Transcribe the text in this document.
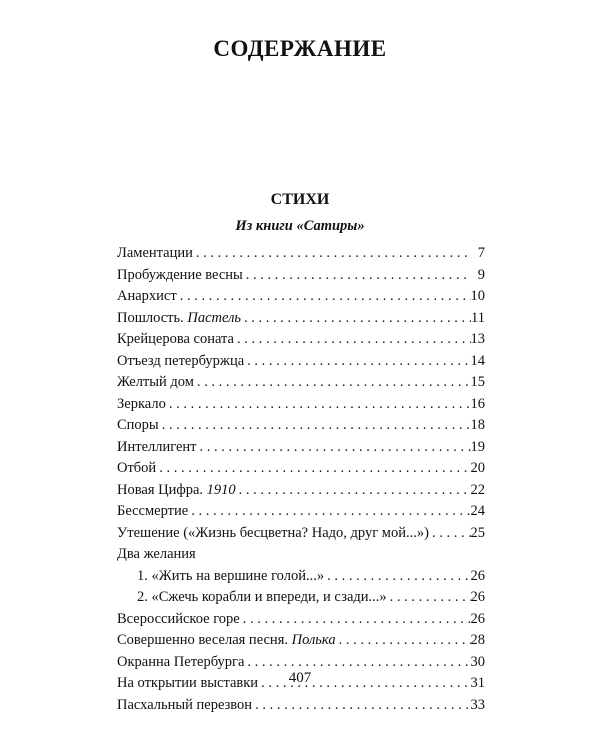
СОДЕРЖАНИЕ
СТИХИ
Из книги «Сатиры»
Ламентации . . .	7
Пробуждение весны . . .	9
Анархист . . .	10
Пошлость. Пастель . . .	11
Крейцерова соната . . .	13
Отъезд петербуржца . . .	14
Желтый дом . . .	15
Зеркало . . .	16
Споры . . .	18
Интеллигент . . .	19
Отбой . . .	20
Новая Цифра. 1910 . . .	22
Бессмертие . . .	24
Утешение («Жизнь бесцветна? Надо, друг мой...») . . .	25
Два желания
1. «Жить на вершине голой...» . . .	26
2. «Сжечь корабли и впереди, и сзади...» . . .	26
Всероссийское горе . . .	26
Совершенно веселая песня. Полька . . .	28
Окранна Петербурга . . .	30
На открытии выставки . . .	31
Пасхальный перезвон . . .	33
407
